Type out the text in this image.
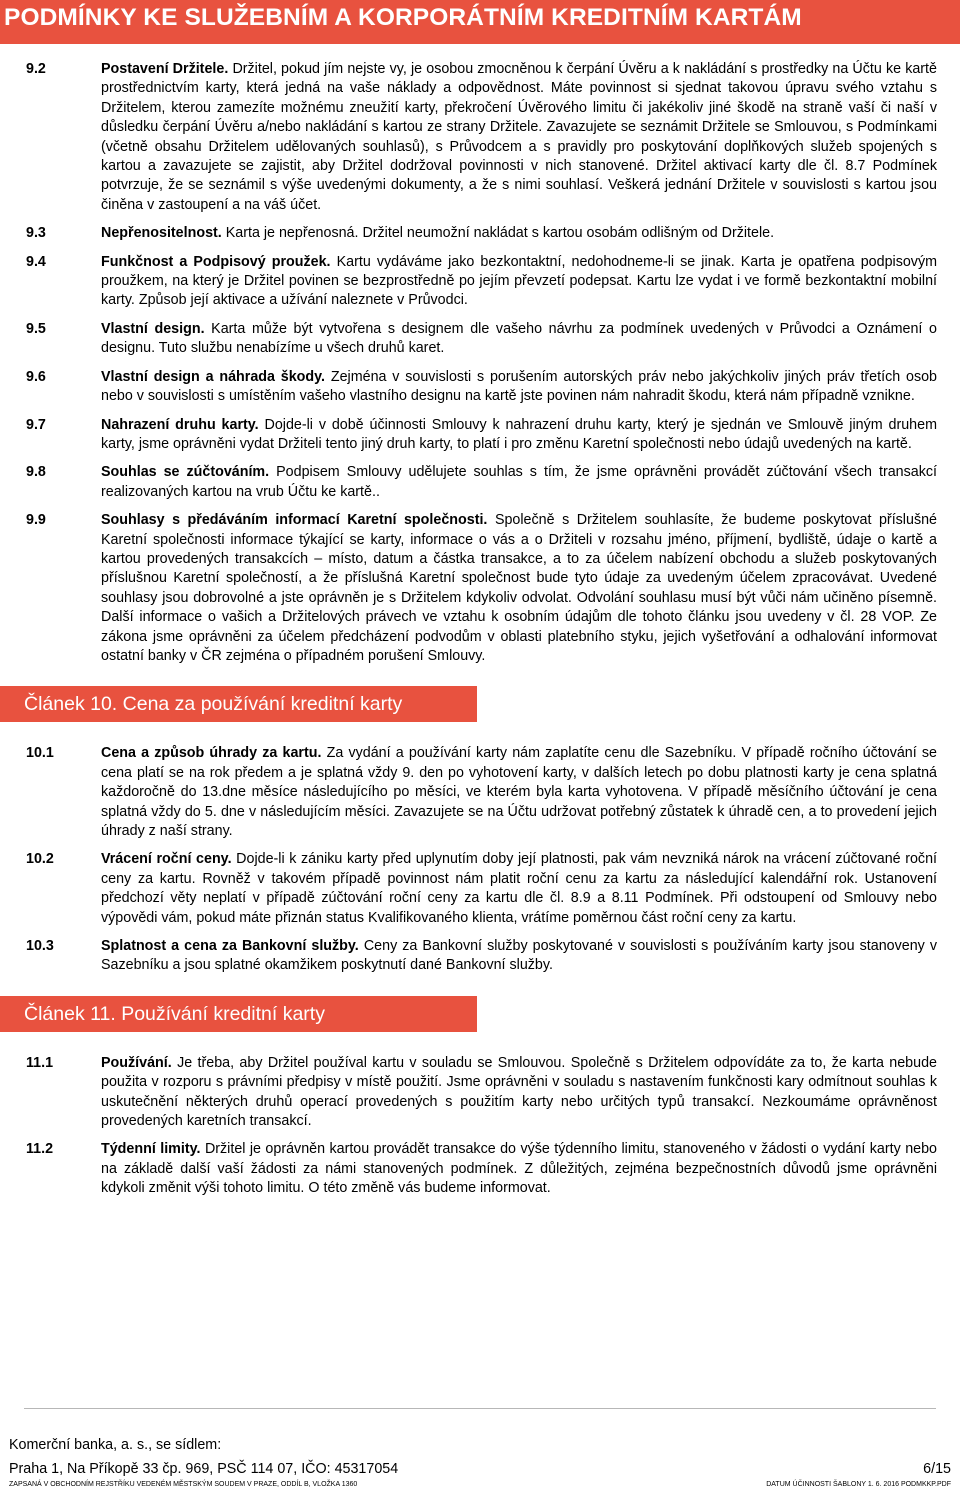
PODMÍNKY KE SLUŽEBNÍM A KORPORÁTNÍM KREDITNÍM KARTÁM
9.2	Postavení Držitele. Držitel, pokud jím nejste vy, je osobou zmocněnou k čerpání Úvěru a k nakládání s prostředky na Účtu ke kartě prostřednictvím karty, která jedná na vaše náklady a odpovědnost. Máte povinnost si sjednat takovou úpravu svého vztahu s Držitelem, kterou zamezíte možnému zneužití karty, překročení Úvěrového limitu či jakékoliv jiné škodě na straně vaší či naší v důsledku čerpání Úvěru a/nebo nakládání s kartou ze strany Držitele. Zavazujete se seznámit Držitele se Smlouvou, s Podmínkami (včetně obsahu Držitelem udělovaných souhlasů), s Průvodcem a s pravidly pro poskytování doplňkových služeb spojených s kartou a zavazujete se zajistit, aby Držitel dodržoval povinnosti v nich stanovené. Držitel aktivací karty dle čl. 8.7 Podmínek potvrzuje, že se seznámil s výše uvedenými dokumenty, a že s nimi souhlasí. Veškerá jednání Držitele v souvislosti s kartou jsou činěna v zastoupení a na váš účet.
9.3	Nepřenositelnost. Karta je nepřenosná. Držitel neumožní nakládat s kartou osobám odlišným od Držitele.
9.4	Funkčnost a Podpisový proužek. Kartu vydáváme jako bezkontaktní, nedohodneme-li se jinak. Karta je opatřena podpisovým proužkem, na který je Držitel povinen se bezprostředně po jejím převzetí podepsat. Kartu lze vydat i ve formě bezkontaktní mobilní karty. Způsob její aktivace a užívání naleznete v Průvodci.
9.5	Vlastní design. Karta může být vytvořena s designem dle vašeho návrhu za podmínek uvedených v Průvodci a Oznámení o designu. Tuto službu nenabízíme u všech druhů karet.
9.6	Vlastní design a náhrada škody. Zejména v souvislosti s porušením autorských práv nebo jakýchkoliv jiných práv třetích osob nebo v souvislosti s umístěním vašeho vlastního designu na kartě jste povinen nám nahradit škodu, která nám případně vznikne.
9.7	Nahrazení druhu karty. Dojde-li v době účinnosti Smlouvy k nahrazení druhu karty, který je sjednán ve Smlouvě jiným druhem karty, jsme oprávněni vydat Držiteli tento jiný druh karty, to platí i pro změnu Karetní společnosti nebo údajů uvedených na kartě.
9.8	Souhlas se zúčtováním. Podpisem Smlouvy udělujete souhlas s tím, že jsme oprávněni provádět zúčtování všech transakcí realizovaných kartou na vrub Účtu ke kartě..
9.9	Souhlasy s předáváním informací Karetní společnosti. Společně s Držitelem souhlasíte, že budeme poskytovat příslušné Karetní společnosti informace týkající se karty, informace o vás a o Držiteli v rozsahu jméno, příjmení, bydliště, údaje o kartě a kartou provedených transakcích – místo, datum a částka transakce, a to za účelem nabízení obchodu a služeb poskytovaných příslušnou Karetní společností, a že příslušná Karetní společnost bude tyto údaje za uvedeným účelem zpracovávat. Uvedené souhlasy jsou dobrovolné a jste oprávněn je s Držitelem kdykoliv odvolat. Odvolání souhlasu musí být vůči nám učiněno písemně. Další informace o vašich a Držitelových právech ve vztahu k osobním údajům dle tohoto článku jsou uvedeny v čl. 28 VOP. Ze zákona jsme oprávněni za účelem předcházení podvodům v oblasti platebního styku, jejich vyšetřování a odhalování informovat ostatní banky v ČR zejména o případném porušení Smlouvy.
Článek 10. Cena za používání kreditní karty
10.1	Cena a způsob úhrady za kartu. Za vydání a používání karty nám zaplatíte cenu dle Sazebníku. V případě ročního účtování se cena platí se na rok předem a je splatná vždy 9. den po vyhotovení karty, v dalších letech po dobu platnosti karty je cena splatná každoročně do 13.dne měsíce následujícího po měsíci, ve kterém byla karta vyhotovena. V případě měsíčního účtování je cena splatná vždy do 5. dne v následujícím měsíci. Zavazujete se na Účtu udržovat potřebný zůstatek k úhradě cen, a to provedení jejich úhrady z naší strany.
10.2	Vrácení roční ceny. Dojde-li k zániku karty před uplynutím doby její platnosti, pak vám nevzniká nárok na vrácení zúčtované roční ceny za kartu. Rovněž v takovém případě povinnost nám platit roční cenu za kartu za následující kalendářní rok. Ustanovení předchozí věty neplatí v případě zúčtování roční ceny za kartu dle čl. 8.9 a 8.11 Podmínek. Při odstoupení od Smlouvy nebo výpovědi vám, pokud máte přiznán status Kvalifikovaného klienta, vrátíme poměrnou část roční ceny za kartu.
10.3	Splatnost a cena za Bankovní služby. Ceny za Bankovní služby poskytované v souvislosti s používáním karty jsou stanoveny v Sazebníku a jsou splatné okamžikem poskytnutí dané Bankovní služby.
Článek 11. Používání kreditní karty
11.1	Používání. Je třeba, aby Držitel používal kartu v souladu se Smlouvou. Společně s Držitelem odpovídáte za to, že karta nebude použita v rozporu s právními předpisy v místě použití. Jsme oprávněni v souladu s nastavením funkčnosti kary odmítnout souhlas k uskutečnění některých druhů operací provedených s použitím karty nebo určitých typů transakcí. Nezkoumáme oprávněnost provedených karetních transakcí.
11.2	Týdenní limity. Držitel je oprávněn kartou provádět transakce do výše týdenního limitu, stanoveného v žádosti o vydání karty nebo na základě další vaší žádosti za námi stanovených podmínek. Z důležitých, zejména bezpečnostních důvodů jsme oprávněni kdykoli změnit výši tohoto limitu. O této změně vás budeme informovat.
Komerční banka, a. s., se sídlem:
Praha 1, Na Příkopě 33 čp. 969, PSČ 114 07, IČO: 45317054	6/15
ZAPSANÁ V OBCHODNÍM REJSTŘÍKU VEDENÉM MĚSTSKÝM SOUDEM V PRAZE, ODDÍL B, VLOŽKA 1360	DATUM ÚČINNOSTI ŠABLONY 1. 6. 2016 PODMKKP.PDF
